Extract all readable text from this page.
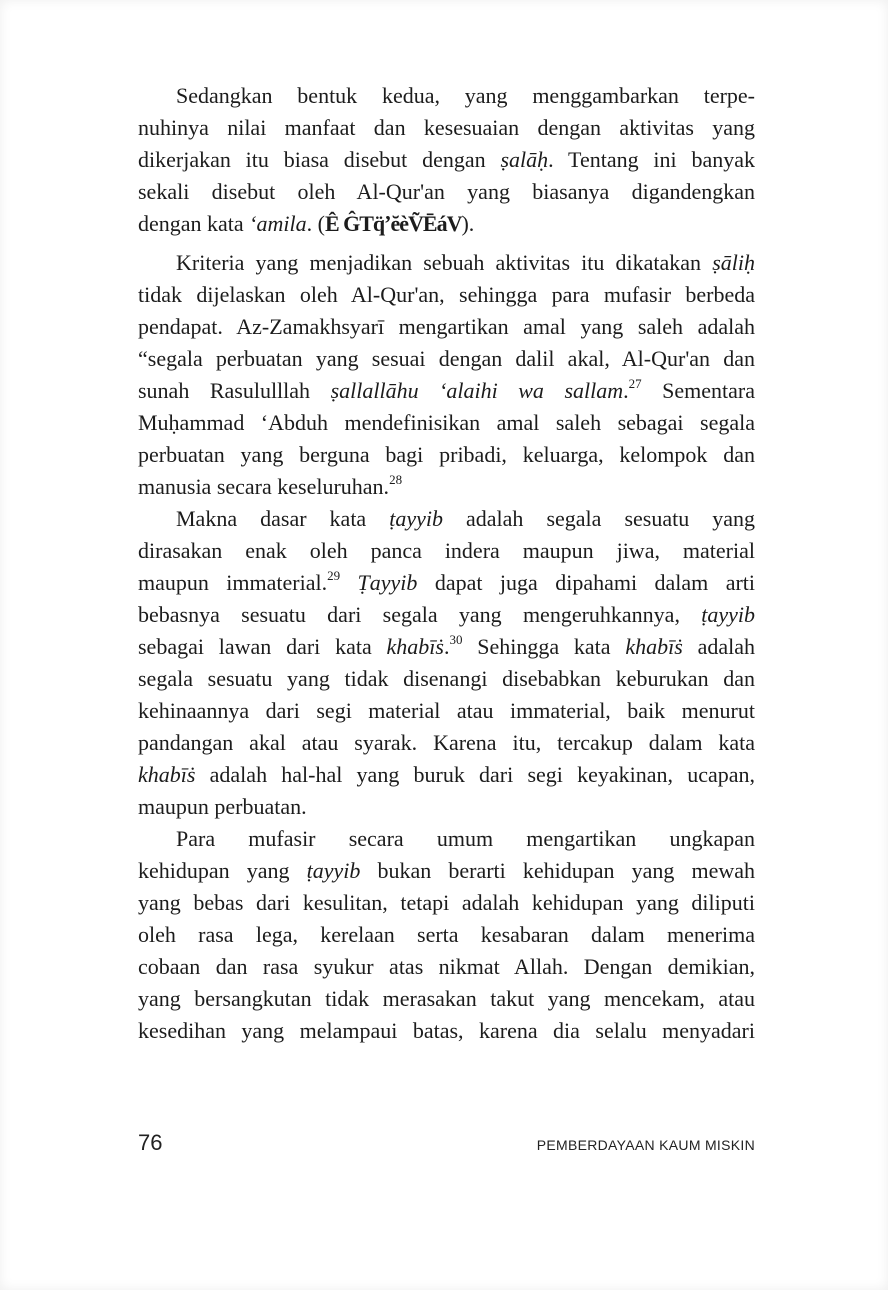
Sedangkan bentuk kedua, yang menggambarkan terpe-
nuhinya nilai manfaat dan kesesuaian dengan aktivitas yang
dikerjakan itu biasa disebut dengan ṣalāḥ. Tentang ini banyak
sekali disebut oleh Al-Qur'an yang biasanya digandengkan
dengan kata ‘amila. (Ê ĜTq̈ʼĕèṼĒáV).
Kriteria yang menjadikan sebuah aktivitas itu dikatakan ṣāliḥ
tidak dijelaskan oleh Al-Qur'an, sehingga para mufasir berbeda
pendapat. Az-Zamakhsyarī mengartikan amal yang saleh adalah
“segala perbuatan yang sesuai dengan dalil akal, Al-Qur'an dan
sunah Rasululllah ṣallallāhu ‘alaihi wa sallam.$^{27}$ Sementara
Muḥammad ‘Abduh mendefinisikan amal saleh sebagai segala
perbuatan yang berguna bagi pribadi, keluarga, kelompok dan
manusia secara keseluruhan.$^{28}$
Makna dasar kata ṭayyib adalah segala sesuatu yang
dirasakan enak oleh panca indera maupun jiwa, material
maupun immaterial.$^{29}$ Ṭayyib dapat juga dipahami dalam arti
bebasnya sesuatu dari segala yang mengeruhkannya, ṭayyib
sebagai lawan dari kata khabīṡ.$^{30}$ Sehingga kata khabīṡ adalah
segala sesuatu yang tidak disenangi disebabkan keburukan dan
kehinaannya dari segi material atau immaterial, baik menurut
pandangan akal atau syarak. Karena itu, tercakup dalam kata
khabīṡ adalah hal-hal yang buruk dari segi keyakinan, ucapan,
maupun perbuatan.
Para mufasir secara umum mengartikan ungkapan
kehidupan yang ṭayyib bukan berarti kehidupan yang mewah
yang bebas dari kesulitan, tetapi adalah kehidupan yang diliputi
oleh rasa lega, kerelaan serta kesabaran dalam menerima
cobaan dan rasa syukur atas nikmat Allah. Dengan demikian,
yang bersangkutan tidak merasakan takut yang mencekam, atau
kesedihan yang melampaui batas, karena dia selalu menyadari
76	PEMBERDAYAAN KAUM MISKIN
